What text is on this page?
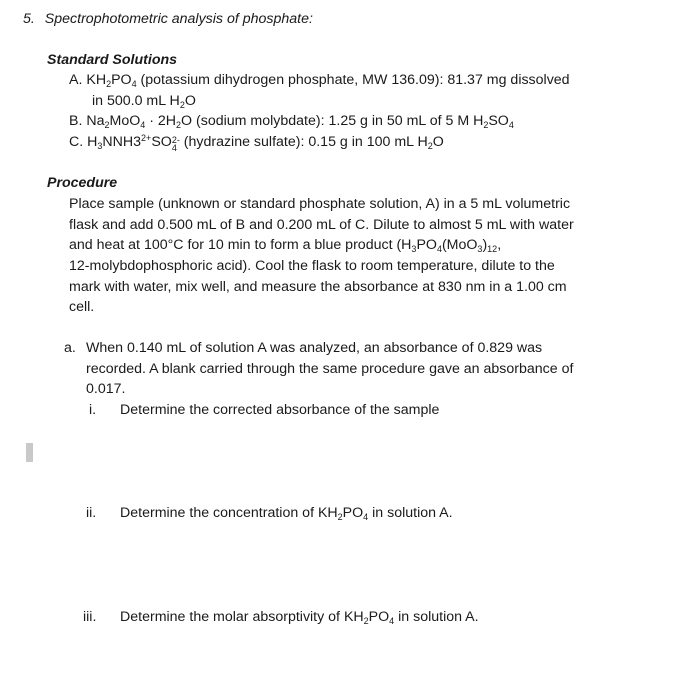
5. Spectrophotometric analysis of phosphate:
Standard Solutions
A. $KH_2PO_4$ (potassium dihydrogen phosphate, MW 136.09): 81.37 mg dissolved
in 500.0 mL $H_2O$
B. $Na_2MoO_4 \cdot 2H_2O$ (sodium molybdate): 1.25 g in 50 mL of 5 M $H_2SO_4$
C. $H_3NNH3^{2+}SO$ 2-
4 (hydrazine sulfate): 0.15 g in 100 mL $H_2O$
Procedure
Place sample (unknown or standard phosphate solution, A) in a 5 mL volumetric
flask and add 0.500 mL of B and 0.200 mL of C. Dilute to almost 5 mL with water
and heat at 100°C for 10 min to form a blue product ($H_3PO_4(MoO_3)_{12}$,
12-molybdophosphoric acid). Cool the flask to room temperature, dilute to the
mark with water, mix well, and measure the absorbance at 830 nm in a 1.00 cm
cell.
a. When 0.140 mL of solution A was analyzed, an absorbance of 0.829 was
recorded. A blank carried through the same procedure gave an absorbance of
0.017.
i. Determine the corrected absorbance of the sample
ii. Determine the concentration of $KH_2PO_4$ in solution A.
iii. Determine the molar absorptivity of $KH_2PO_4$ in solution A.
